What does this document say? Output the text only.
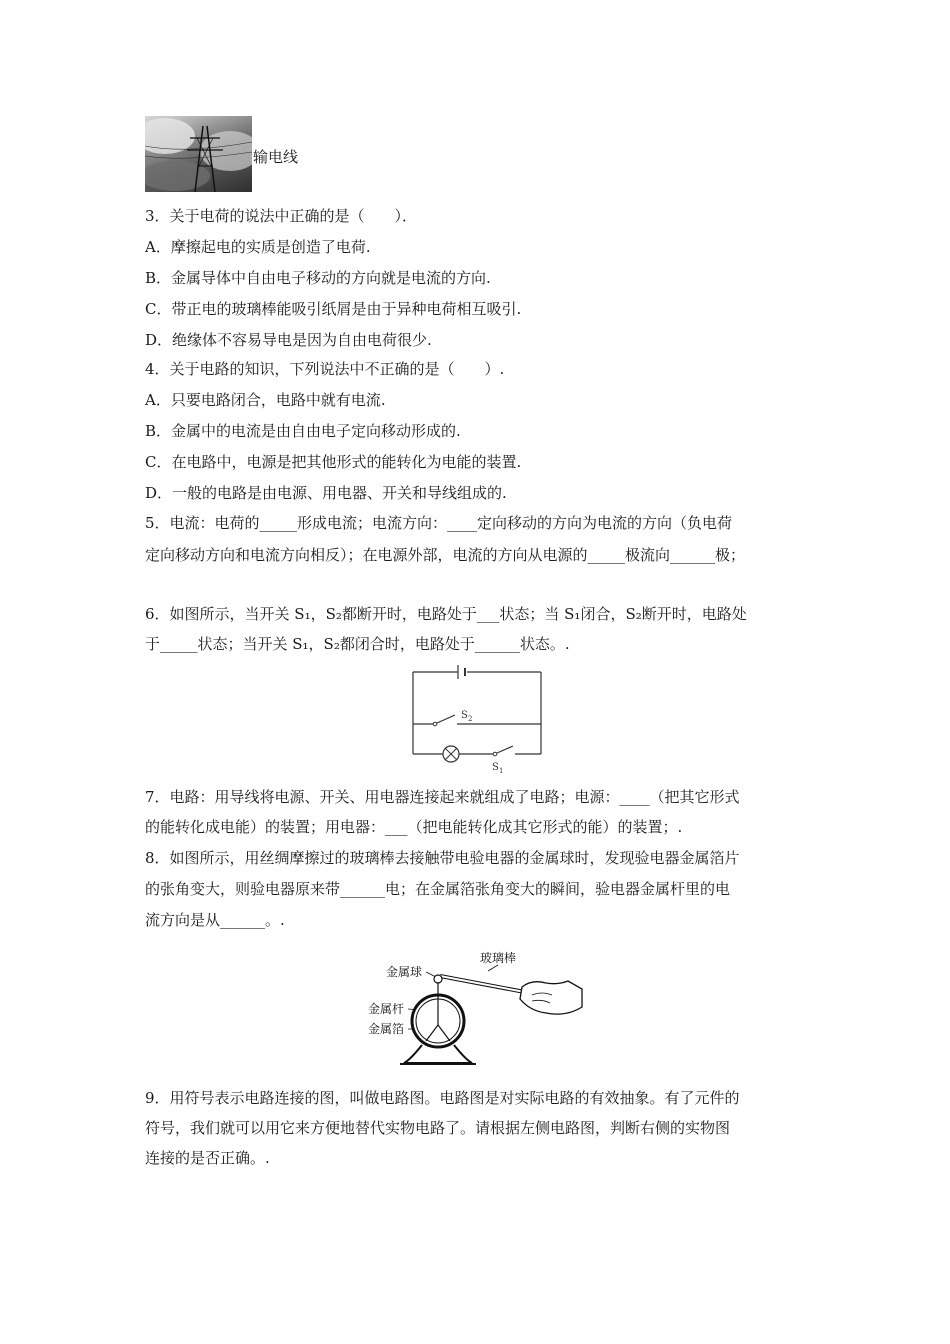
输电线
3．关于电荷的说法中正确的是（　　）．
A．摩擦起电的实质是创造了电荷.
B．金属导体中自由电子移动的方向就是电流的方向.
C．带正电的玻璃棒能吸引纸屑是由于异种电荷相互吸引.
D．绝缘体不容易导电是因为自由电荷很少.
4．关于电路的知识，下列说法中不正确的是（　　）.
A．只要电路闭合，电路中就有电流.
B．金属中的电流是由自由电子定向移动形成的.
C．在电路中，电源是把其他形式的能转化为电能的装置.
D．一般的电路是由电源、用电器、开关和导线组成的.
5．电流：电荷的_____形成电流；电流方向：____定向移动的方向为电流的方向（负电荷
定向移动方向和电流方向相反）；在电源外部，电流的方向从电源的_____极流向______极；
6．如图所示，当开关 S₁，S₂都断开时，电路处于___状态；当 S₁闭合，S₂断开时，电路处
于_____状态；当开关 S₁，S₂都闭合时，电路处于______状态。.
S 2
S 1
7．电路：用导线将电源、开关、用电器连接起来就组成了电路；电源：____（把其它形式
的能转化成电能）的装置；用电器：___（把电能转化成其它形式的能）的装置；.
8．如图所示，用丝绸摩擦过的玻璃棒去接触带电验电器的金属球时，发现验电器金属箔片
的张角变大，则验电器原来带______电；在金属箔张角变大的瞬间，验电器金属杆里的电
流方向是从______。.
玻璃棒
金属球
金属杆
金属箔
9．用符号表示电路连接的图，叫做电路图。电路图是对实际电路的有效抽象。有了元件的
符号，我们就可以用它来方便地替代实物电路了。请根据左侧电路图，判断右侧的实物图
连接的是否正确。.
